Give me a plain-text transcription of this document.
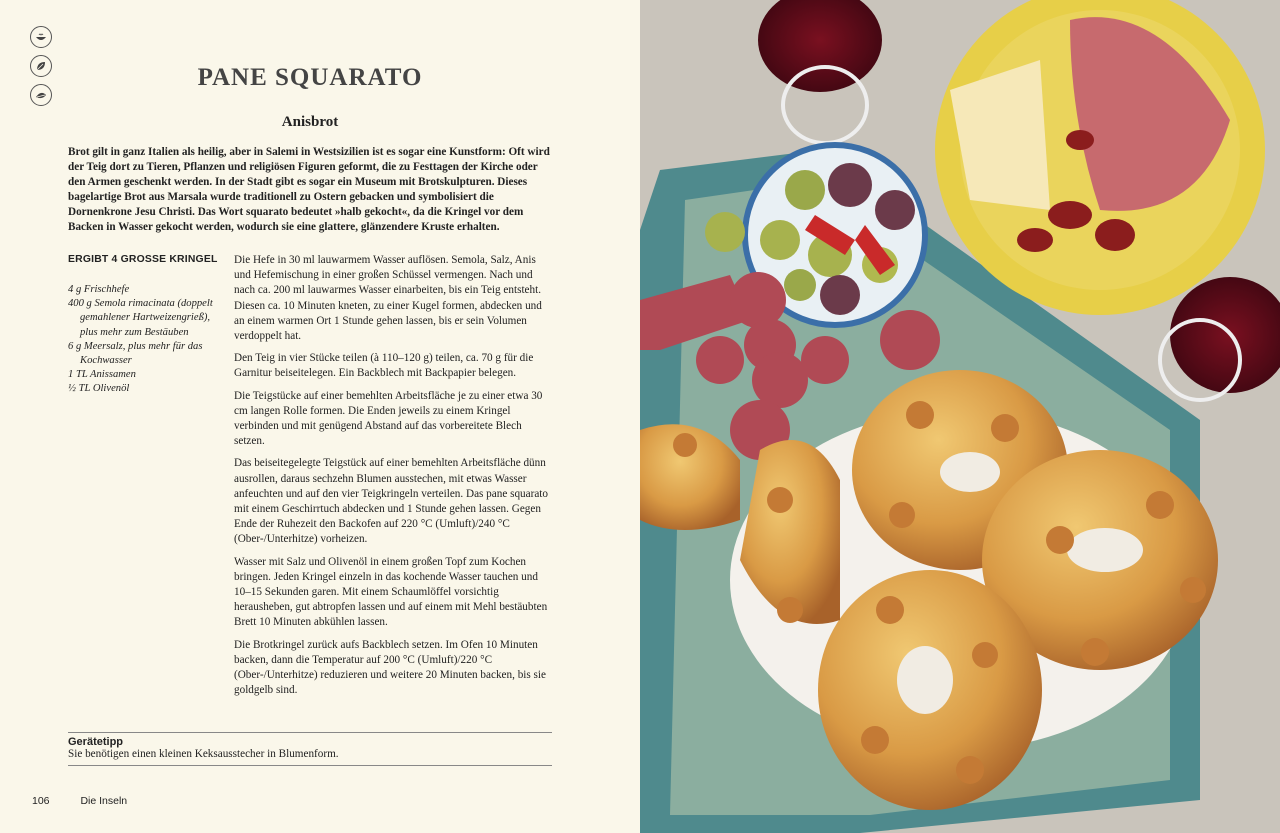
PANE SQUARATO
Anisbrot
Brot gilt in ganz Italien als heilig, aber in Salemi in Westsizilien ist es sogar eine Kunstform: Oft wird der Teig dort zu Tieren, Pflanzen und religiösen Figuren geformt, die zu Festtagen der Kirche oder den Armen geschenkt werden. In der Stadt gibt es sogar ein Museum mit Brotskulpturen. Dieses bagelartige Brot aus Marsala wurde traditionell zu Ostern gebacken und symbolisiert die Dornenkrone Jesu Christi. Das Wort squarato bedeutet »halb gekocht«, da die Kringel vor dem Backen in Wasser gekocht werden, wodurch sie eine glattere, glänzendere Kruste erhalten.
ERGIBT 4 GROSSE KRINGEL
4 g Frischhefe
400 g Semola rimacinata (doppelt gemahlener Hartweizengrieß), plus mehr zum Bestäuben
6 g Meersalz, plus mehr für das Kochwasser
1 TL Anissamen
½ TL Olivenöl

Die Hefe in 30 ml lauwarmem Wasser auflösen. Semola, Salz, Anis und Hefemischung in einer großen Schüssel vermengen. Nach und nach ca. 200 ml lauwarmes Wasser einarbeiten, bis ein Teig entsteht. Diesen ca. 10 Minuten kneten, zu einer Kugel formen, abdecken und an einem warmen Ort 1 Stunde gehen lassen, bis er sein Volumen verdoppelt hat.

Den Teig in vier Stücke teilen (à 110–120 g) teilen, ca. 70 g für die Garnitur beiseitelegen. Ein Backblech mit Backpapier belegen.

Die Teigstücke auf einer bemehlten Arbeitsfläche je zu einer etwa 30 cm langen Rolle formen. Die Enden jeweils zu einem Kringel verbinden und mit genügend Abstand auf das vorbereitete Blech setzen.

Das beiseitegelegte Teigstück auf einer bemehlten Arbeitsfläche dünn ausrollen, daraus sechzehn Blumen ausstechen, mit etwas Wasser anfeuchten und auf den vier Teigkringeln verteilen. Das pane squarato mit einem Geschirrtuch abdecken und 1 Stunde gehen lassen. Gegen Ende der Ruhezeit den Backofen auf 220 °C (Umluft)/240 °C (Ober-/Unterhitze) vorheizen.

Wasser mit Salz und Olivenöl in einem großen Topf zum Kochen bringen. Jeden Kringel einzeln in das kochende Wasser tauchen und 10–15 Sekunden garen. Mit einem Schaumlöffel vorsichtig herausheben, gut abtropfen lassen und auf einem mit Mehl bestäubten Brett 10 Minuten abkühlen lassen.

Die Brotkringel zurück aufs Backblech setzen. Im Ofen 10 Minuten backen, dann die Temperatur auf 200 °C (Umluft)/220 °C (Ober-/Unterhitze) reduzieren und weitere 20 Minuten backen, bis sie goldgelb sind.

Gerätetipp
Sie benötigen einen kleinen Keksausstecher in Blumenform.
106	Die Inseln
